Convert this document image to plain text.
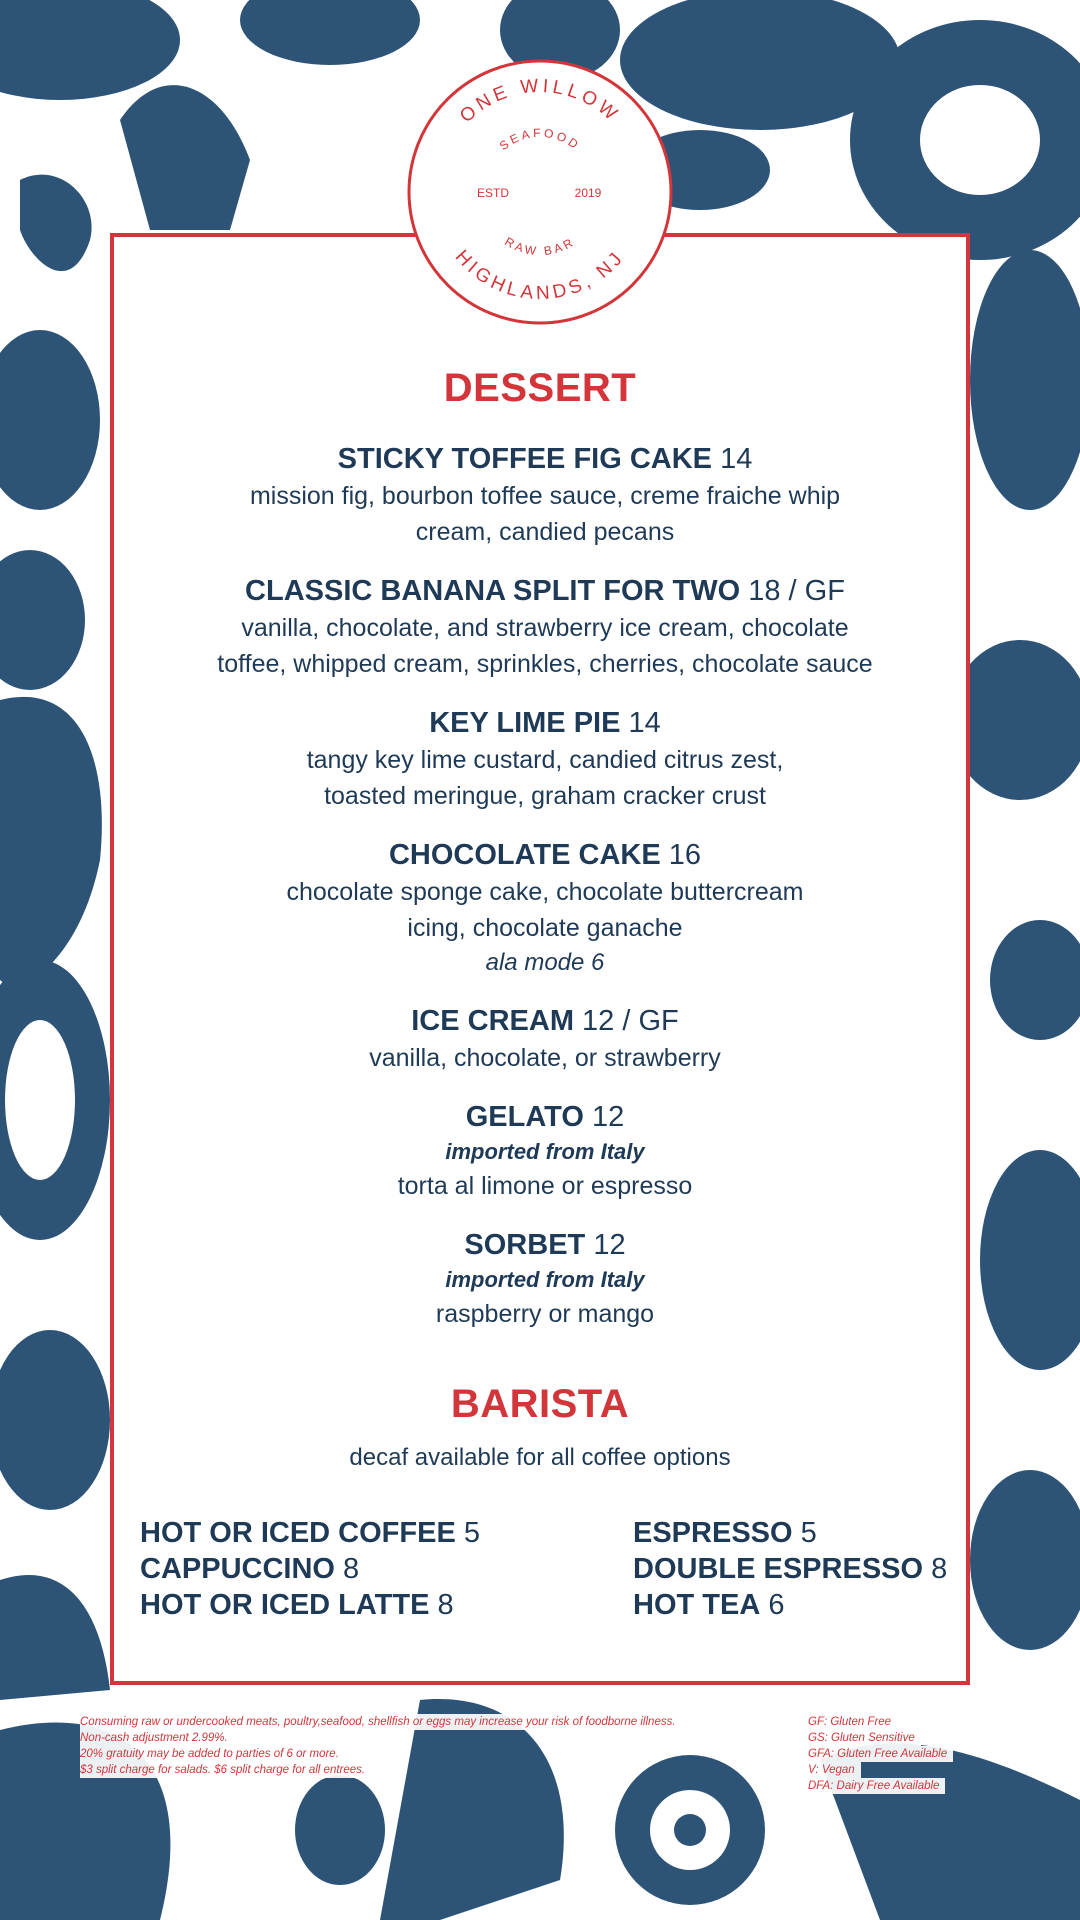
ONE WILLOW
SEAFOOD
ESTD	2019
RAW BAR
HIGHLANDS, NJ
DESSERT
STICKY TOFFEE FIG CAKE 14
mission fig, bourbon toffee sauce, creme fraiche whip
cream, candied pecans
CLASSIC BANANA SPLIT FOR TWO 18 / GF
vanilla, chocolate, and strawberry ice cream, chocolate
toffee, whipped cream, sprinkles, cherries, chocolate sauce
KEY LIME PIE 14
tangy key lime custard, candied citrus zest,
toasted meringue, graham cracker crust
CHOCOLATE CAKE 16
chocolate sponge cake, chocolate buttercream
icing, chocolate ganache
ala mode 6
ICE CREAM 12 / GF
vanilla, chocolate, or strawberry
GELATO 12
imported from Italy
torta al limone or espresso
SORBET 12
imported from Italy
raspberry or mango
BARISTA
decaf available for all coffee options
HOT OR ICED COFFEE 5
CAPPUCCINO 8
HOT OR ICED LATTE 8
ESPRESSO 5
DOUBLE ESPRESSO 8
HOT TEA 6
Consuming raw or undercooked meats, poultry,seafood, shellfish or eggs may increase your risk of foodborne illness.
Non-cash adjustment 2.99%.
20% gratuity may be added to parties of 6 or more.
$3 split charge for salads. $6 split charge for all entrees.
GF: Gluten Free
GS: Gluten Sensitive
GFA: Gluten Free Available
V: Vegan
DFA: Dairy Free Available
